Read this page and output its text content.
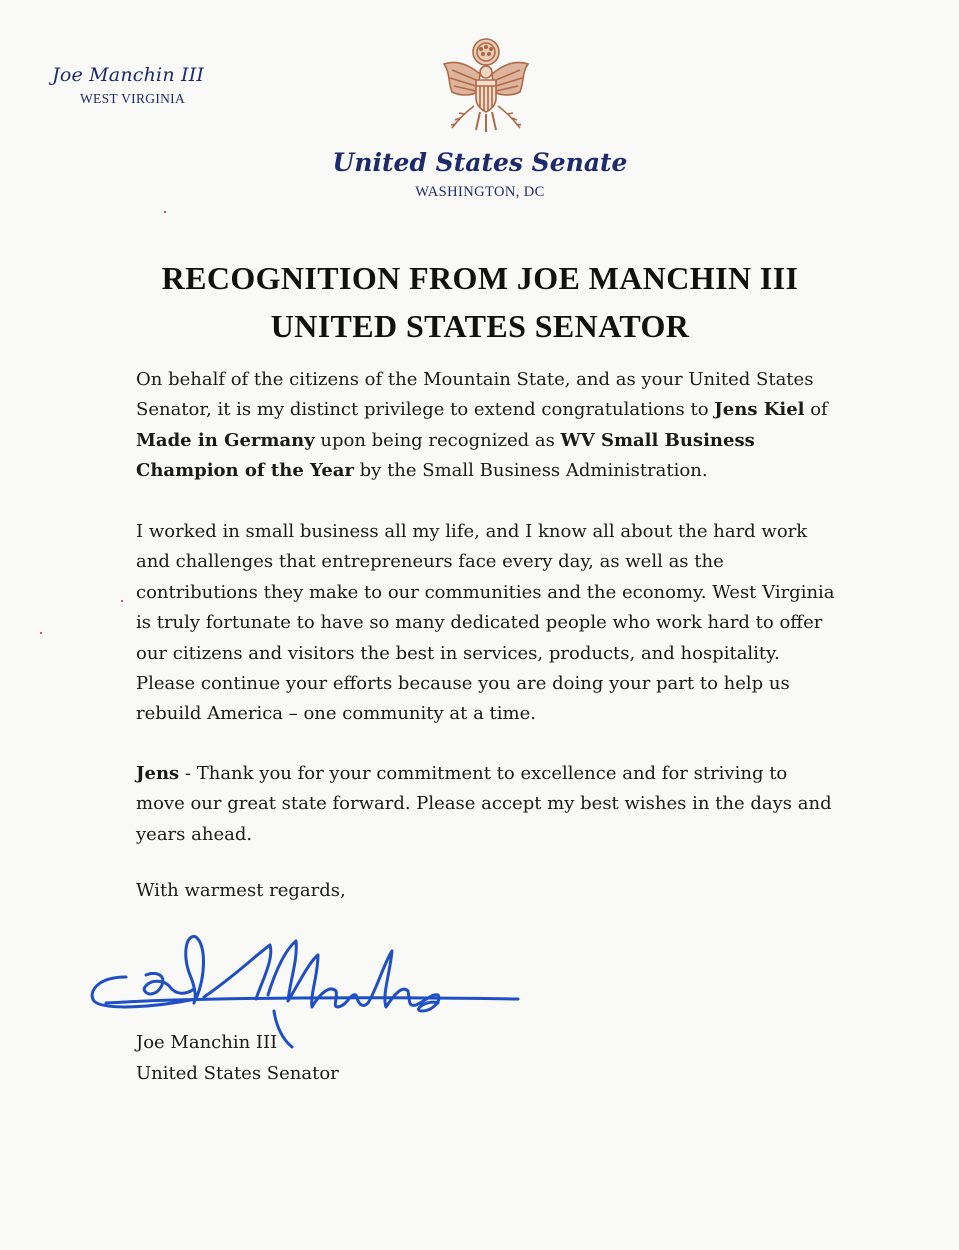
Joe Manchin III
WEST VIRGINIA
United States Senate
WASHINGTON, DC
RECOGNITION FROM JOE MANCHIN III
UNITED STATES SENATOR

On behalf of the citizens of the Mountain State, and as your United States Senator, it is my distinct privilege to extend congratulations to Jens Kiel of Made in Germany upon being recognized as WV Small Business Champion of the Year by the Small Business Administration.

I worked in small business all my life, and I know all about the hard work and challenges that entrepreneurs face every day, as well as the contributions they make to our communities and the economy. West Virginia is truly fortunate to have so many dedicated people who work hard to offer our citizens and visitors the best in services, products, and hospitality. Please continue your efforts because you are doing your part to help us rebuild America – one community at a time.

Jens - Thank you for your commitment to excellence and for striving to move our great state forward. Please accept my best wishes in the days and years ahead.

With warmest regards,

Joe Manchin III

United States Senator
